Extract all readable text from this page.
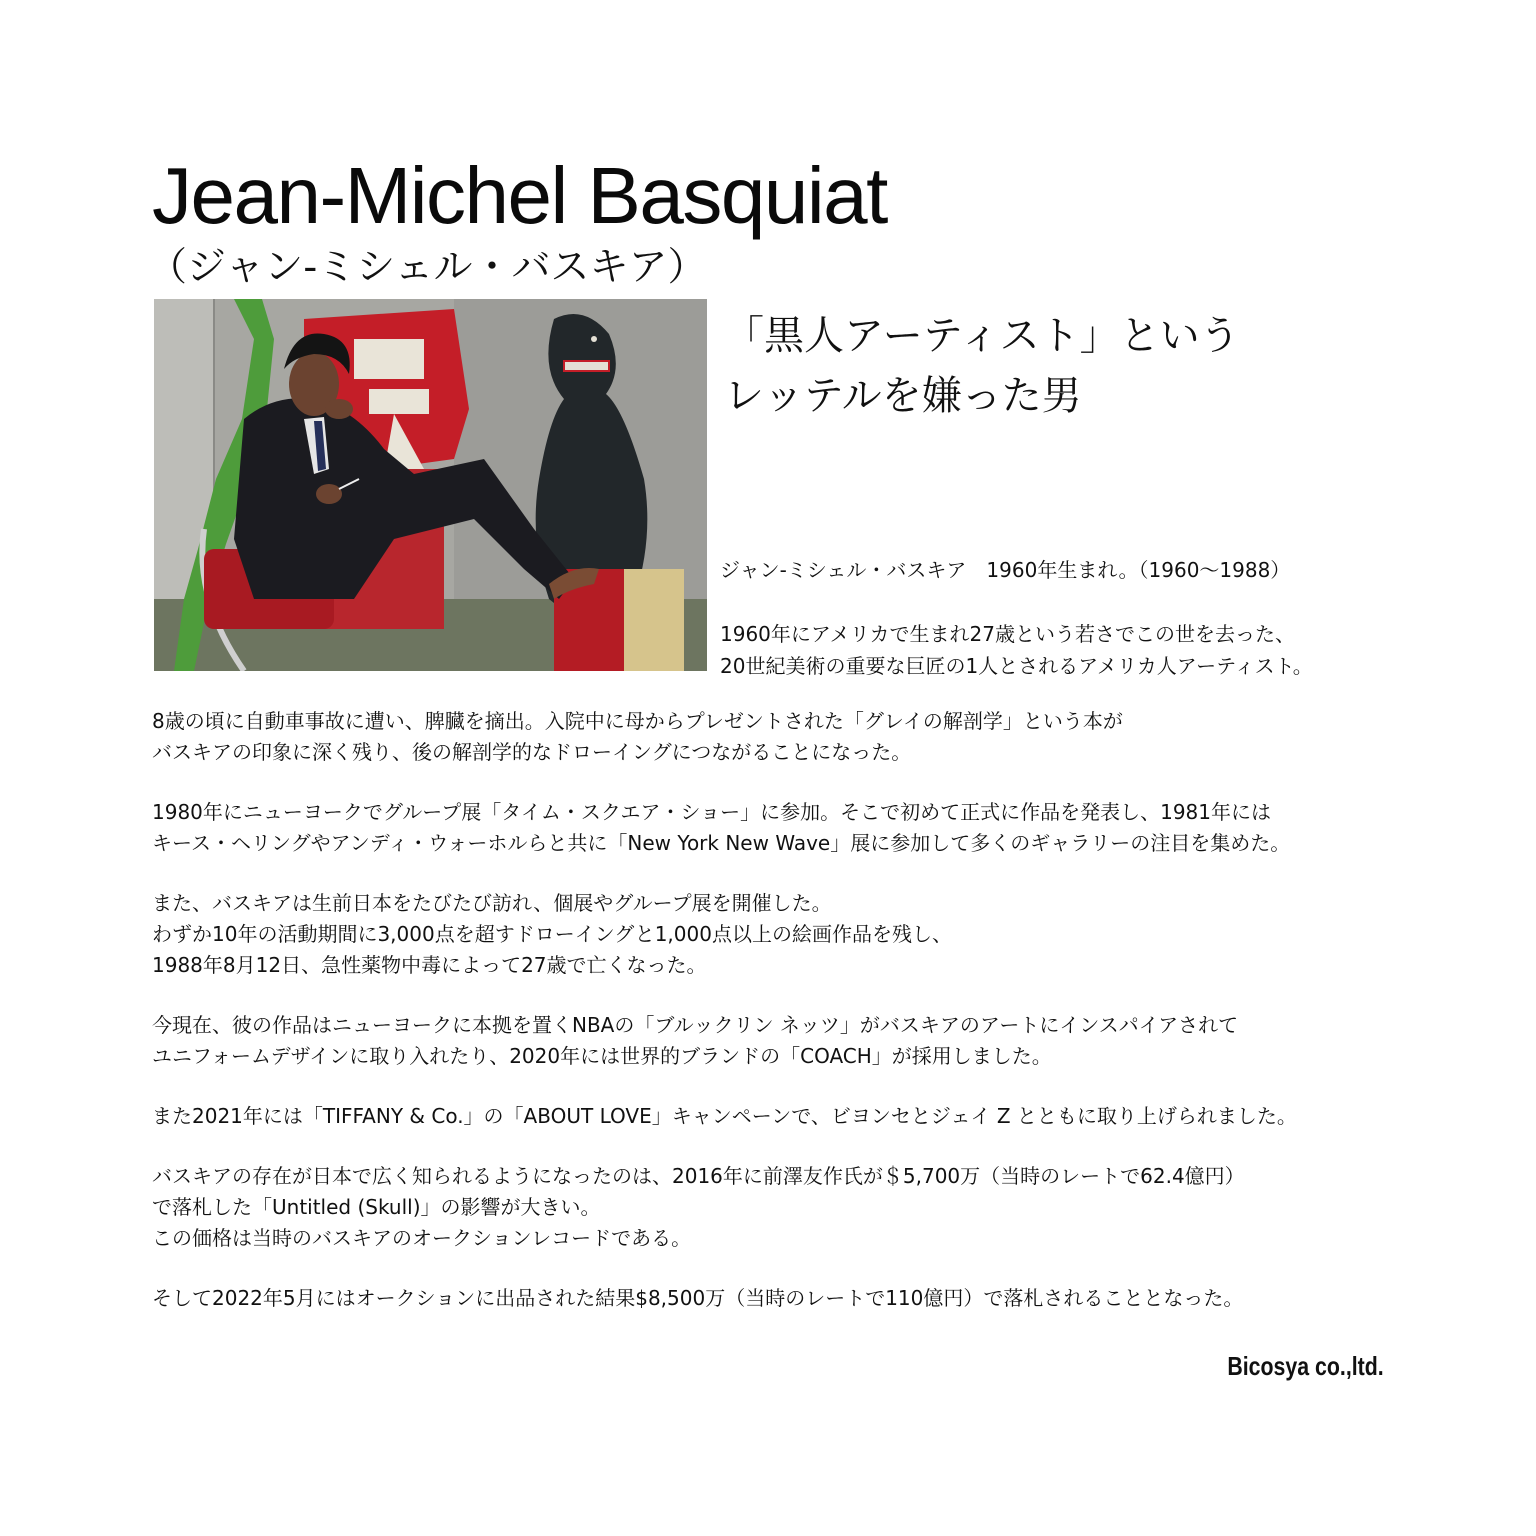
Jean-Michel Basquiat
（ジャン-ミシェル・バスキア）
「黒人アーティスト」という
レッテルを嫌った男

ジャン-ミシェル・バスキア　1960年生まれ。（1960～1988）

1960年にアメリカで生まれ27歳という若さでこの世を去った、

20世紀美術の重要な巨匠の1人とされるアメリカ人アーティスト。

8歳の頃に自動車事故に遭い、脾臓を摘出。入院中に母からプレゼントされた「グレイの解剖学」という本が
バスキアの印象に深く残り、後の解剖学的なドローイングにつながることになった。
1980年にニューヨークでグループ展「タイム・スクエア・ショー」に参加。そこで初めて正式に作品を発表し、1981年には
キース・ヘリングやアンディ・ウォーホルらと共に「New York New Wave」展に参加して多くのギャラリーの注目を集めた。
また、バスキアは生前日本をたびたび訪れ、個展やグループ展を開催した。
わずか10年の活動期間に3,000点を超すドローイングと1,000点以上の絵画作品を残し、
1988年8月12日、急性薬物中毒によって27歳で亡くなった。
今現在、彼の作品はニューヨークに本拠を置くNBAの「ブルックリン ネッツ」がバスキアのアートにインスパイアされて
ユニフォームデザインに取り入れたり、2020年には世界的ブランドの「COACH」が採用しました。
また2021年には「TIFFANY & Co.」の「ABOUT LOVE」キャンペーンで、ビヨンセとジェイ Z とともに取り上げられました。
バスキアの存在が日本で広く知られるようになったのは、2016年に前澤友作氏が＄5,700万（当時のレートで62.4億円）
で落札した「Untitled (Skull)」の影響が大きい。
この価格は当時のバスキアのオークションレコードである。
そして2022年5月にはオークションに出品された結果$8,500万（当時のレートで110億円）で落札されることとなった。
Bicosya co.,ltd.
